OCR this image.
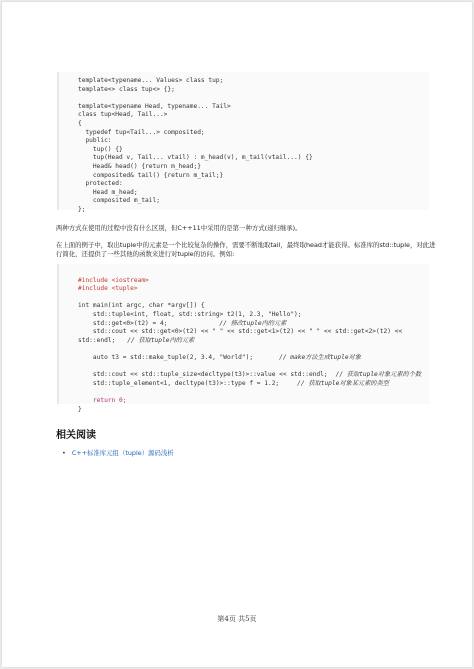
template<typename... Values> class tup;
template<> class tup<> {};

template<typename Head, typename... Tail>
class tup<Head, Tail...>
{
typedef tup<Tail...> composited;
public:
tup() {}
tup(Head v, Tail... vtail) : m_head(v), m_tail(vtail...) {}
Head& head() {return m_head;}
composited& tail() {return m_tail;}
protected:
Head m_head;
composited m_tail;
};
两种方式在使用的过程中没有什么区别，但C++11中采用的是第一种方式(递归继承)。
在上面的例子中，取出tuple中的元素是一个比较复杂的操作，需要不断地取tail，最终取head才能获得。标准库的std::tuple，对此进行简化，还提供了一些其他的函数来进行对tuple的访问。例如:

#include <iostream>
#include <tuple>

int main(int argc, char *argv[]) {
std::tuple<int, float, std::string> t2(1, 2.3, "Hello");
std::get<0>(t2) = 4;	// 修改tuple内的元素
std::cout << std::get<0>(t2) << " " << std::get<1>(t2) << " " << std::get<2>(t2) << std::endl; // 获取tuple内的元素

auto t3 = std::make_tuple(2, 3.4, "World");	// make方法生成tuple对象

std::cout << std::tuple_size<decltype(t3)>::value << std::endl; // 获取tuple对象元素的个数
std::tuple_element<1, decltype(t3)>::type f = 1.2;	// 获取tuple对象某元素的类型

return 0;
}

相关阅读
• C++标准库元组（tuple）源码浅析
第4页 共5页
